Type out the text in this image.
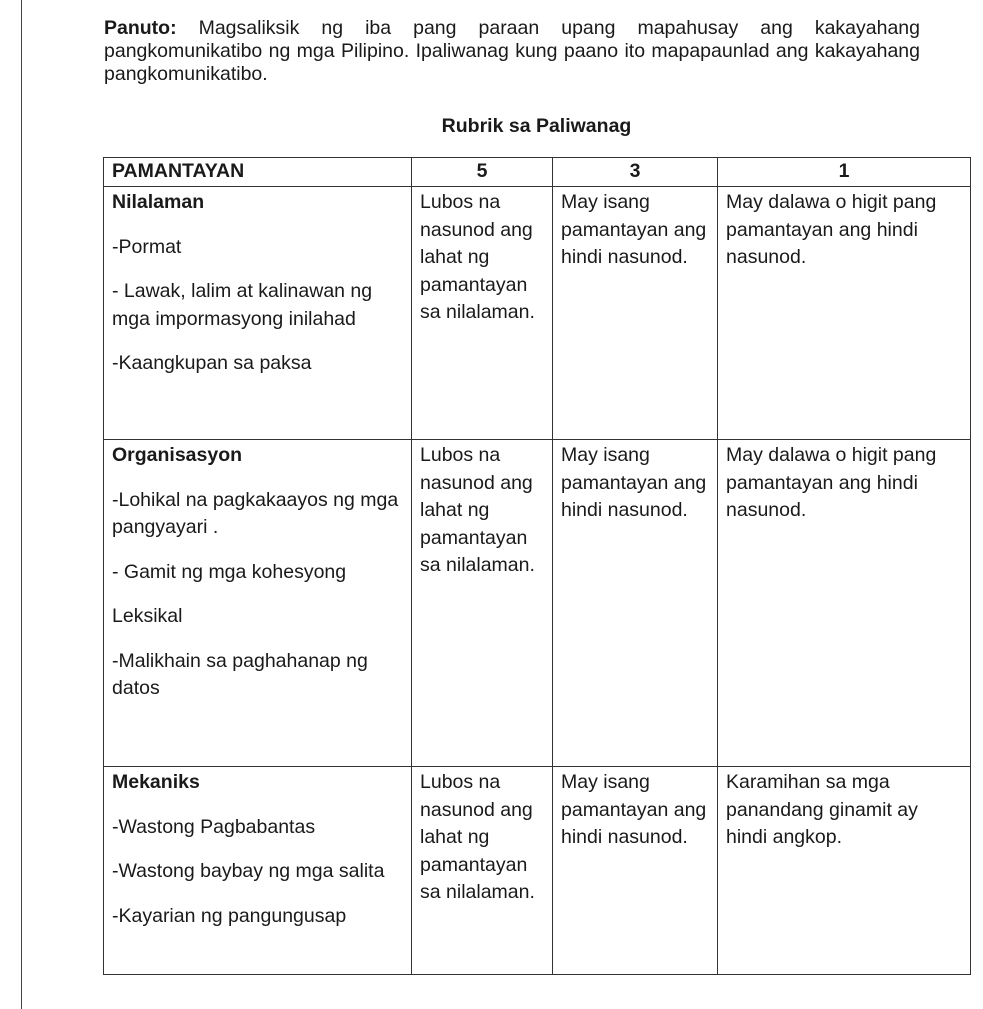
Panuto: Magsaliksik ng iba pang paraan upang mapahusay ang kakayahang pangkomunikatibo ng mga Pilipino. Ipaliwanag kung paano ito mapapaunlad ang kakayahang pangkomunikatibo.

Rubrik sa Paliwanag

PAMANTAYAN	5	3	1

Nilalaman

-Pormat

- Lawak, lalim at kalinawan ng mga impormasyong inilahad

-Kaangkupan sa paksa	Lubos na nasunod ang lahat ng pamantayan sa nilalaman.	May isang pamantayan ang hindi nasunod.	May dalawa o higit pang pamantayan ang hindi nasunod.

Organisasyon

-Lohikal na pagkakaayos ng mga pangyayari .

- Gamit ng mga kohesyong

Leksikal

-Malikhain sa paghahanap ng datos	Lubos na nasunod ang lahat ng pamantayan sa nilalaman.	May isang pamantayan ang hindi nasunod.	May dalawa o higit pang pamantayan ang hindi nasunod.

Mekaniks

-Wastong Pagbabantas

-Wastong baybay ng mga salita

-Kayarian ng pangungusap	Lubos na nasunod ang lahat ng pamantayan sa nilalaman.	May isang pamantayan ang hindi nasunod.	Karamihan sa mga panandang ginamit ay hindi angkop.
